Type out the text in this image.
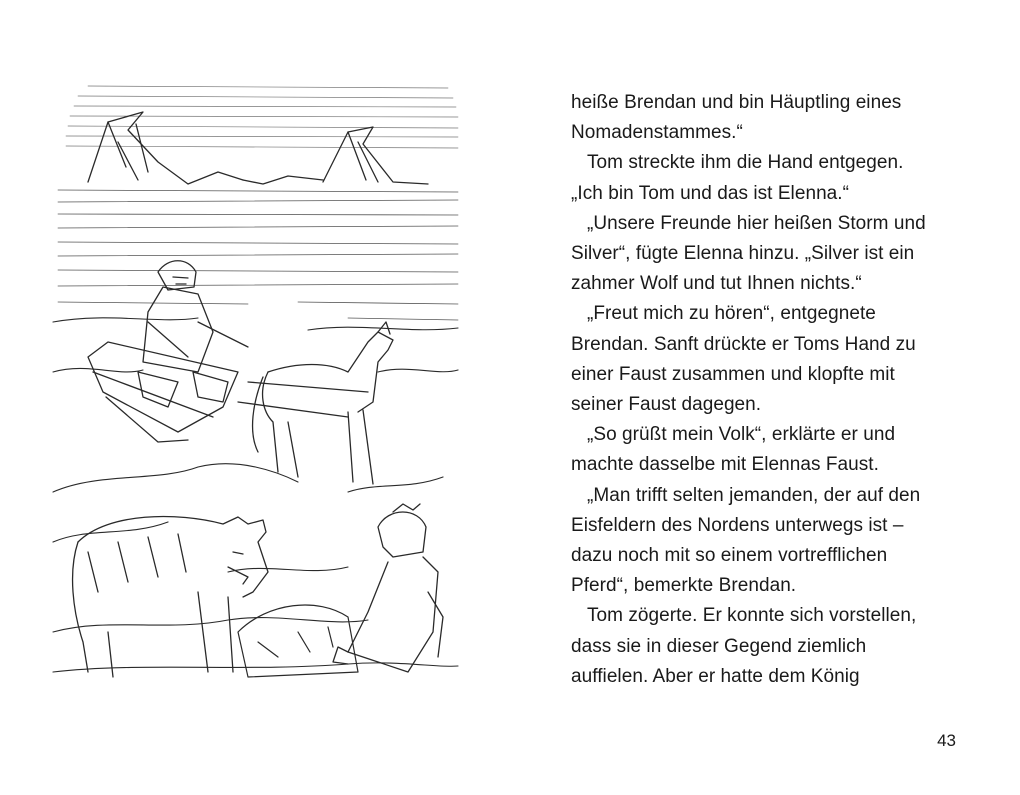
heiße Brendan und bin Häuptling eines

Nomadenstammes.“

Tom streckte ihm die Hand entgegen.

„Ich bin Tom und das ist Elenna.“

„Unsere Freunde hier heißen Storm und

Silver“, fügte Elenna hinzu. „Silver ist ein

zahmer Wolf und tut Ihnen nichts.“

„Freut mich zu hören“, entgegnete

Brendan. Sanft drückte er Toms Hand zu

einer Faust zusammen und klopfte mit

seiner Faust dagegen.

„So grüßt mein Volk“, erklärte er und

machte dasselbe mit Elennas Faust.

„Man trifft selten jemanden, der auf den

Eisfeldern des Nordens unterwegs ist –

dazu noch mit so einem vortrefflichen

Pferd“, bemerkte Brendan.

Tom zögerte. Er konnte sich vorstellen,

dass sie in dieser Gegend ziemlich

auffielen. Aber er hatte dem König

43
